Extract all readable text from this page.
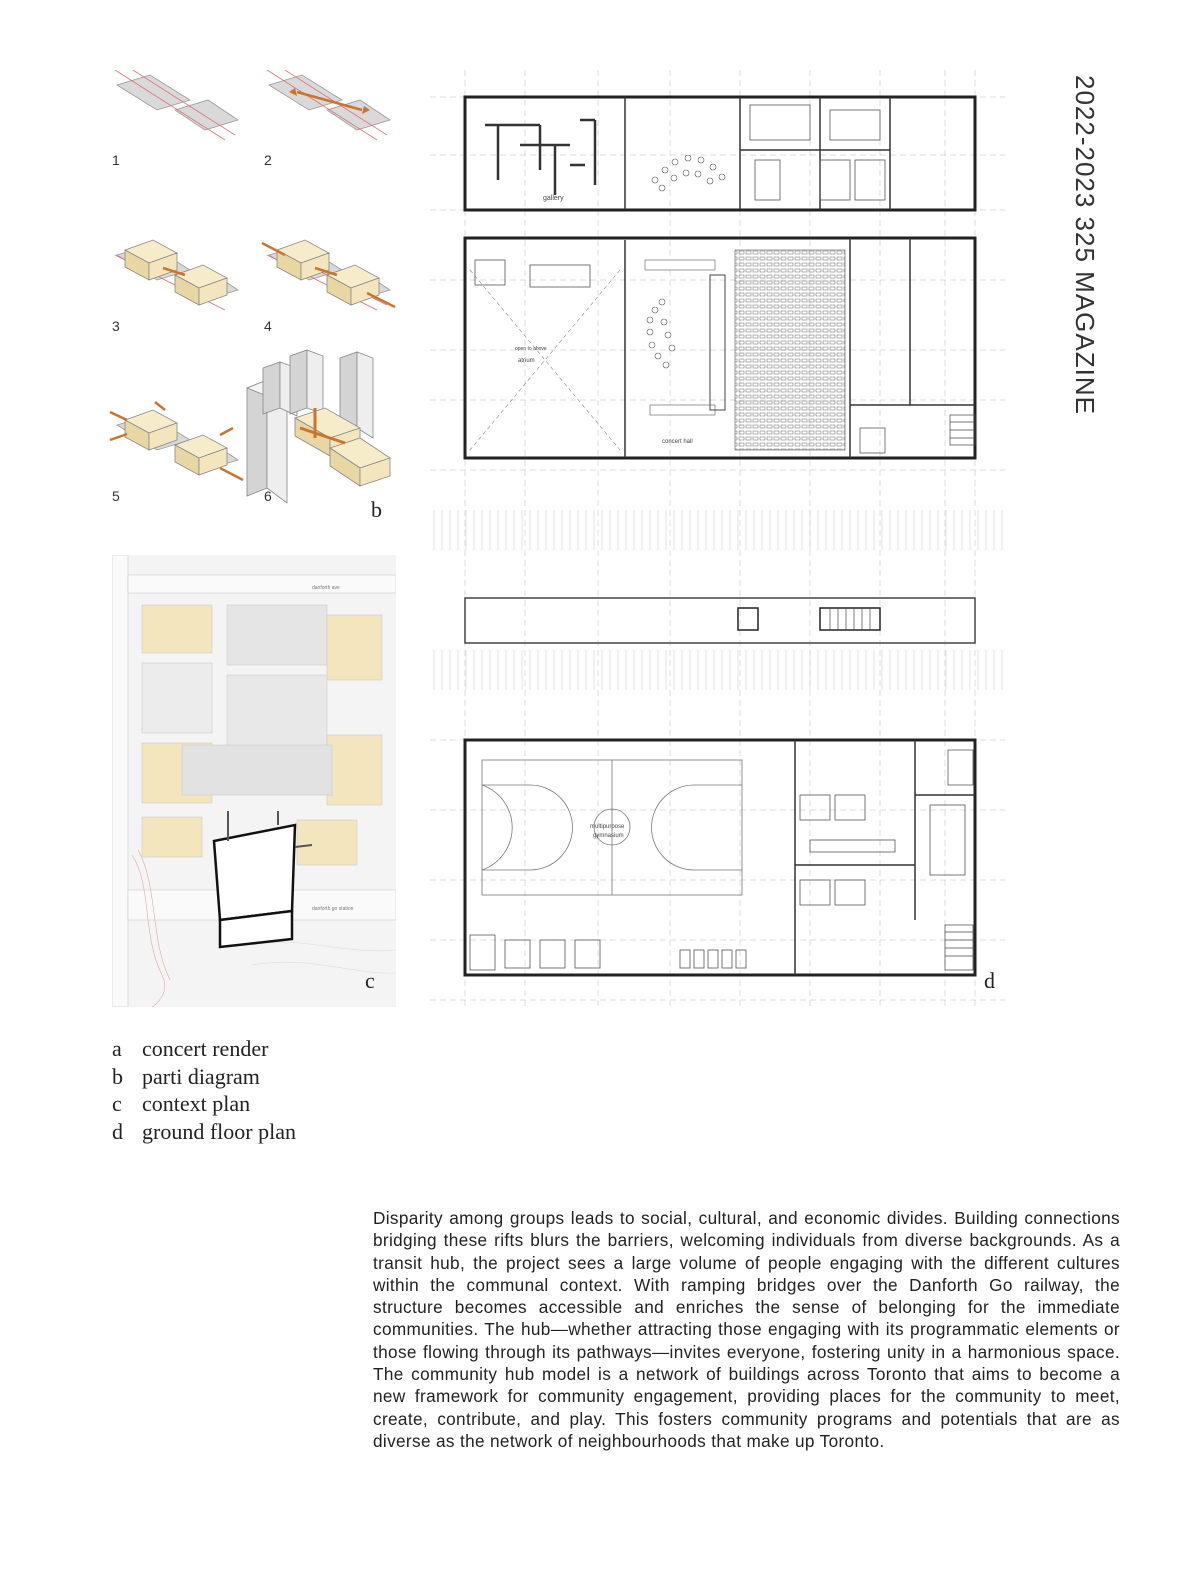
2022-2023 325 MAGAZINE
1	2
3	4
5	6
b
danforth ave
danforth go station
c
gallery
open to above
atrium
concert hall
multipurpose
gymnasium
d
a concert render
b parti diagram
c context plan
d ground floor plan
Disparity among groups leads to social, cultural, and economic divides. Building connections bridging these rifts blurs the barriers, welcoming individuals from diverse backgrounds. As a transit hub, the project sees a large volume of people engaging with the different cultures within the communal context. With ramping bridges over the Danforth Go railway, the structure becomes accessible and enriches the sense of belonging for the immediate communities. The hub—whether attracting those engaging with its programmatic elements or those flowing through its pathways—invites everyone, fostering unity in a harmonious space. The community hub model is a network of buildings across Toronto that aims to become a new framework for community engagement, providing places for the community to meet, create, contribute, and play. This fosters community programs and potentials that are as diverse as the network of neighbourhoods that make up Toronto.
